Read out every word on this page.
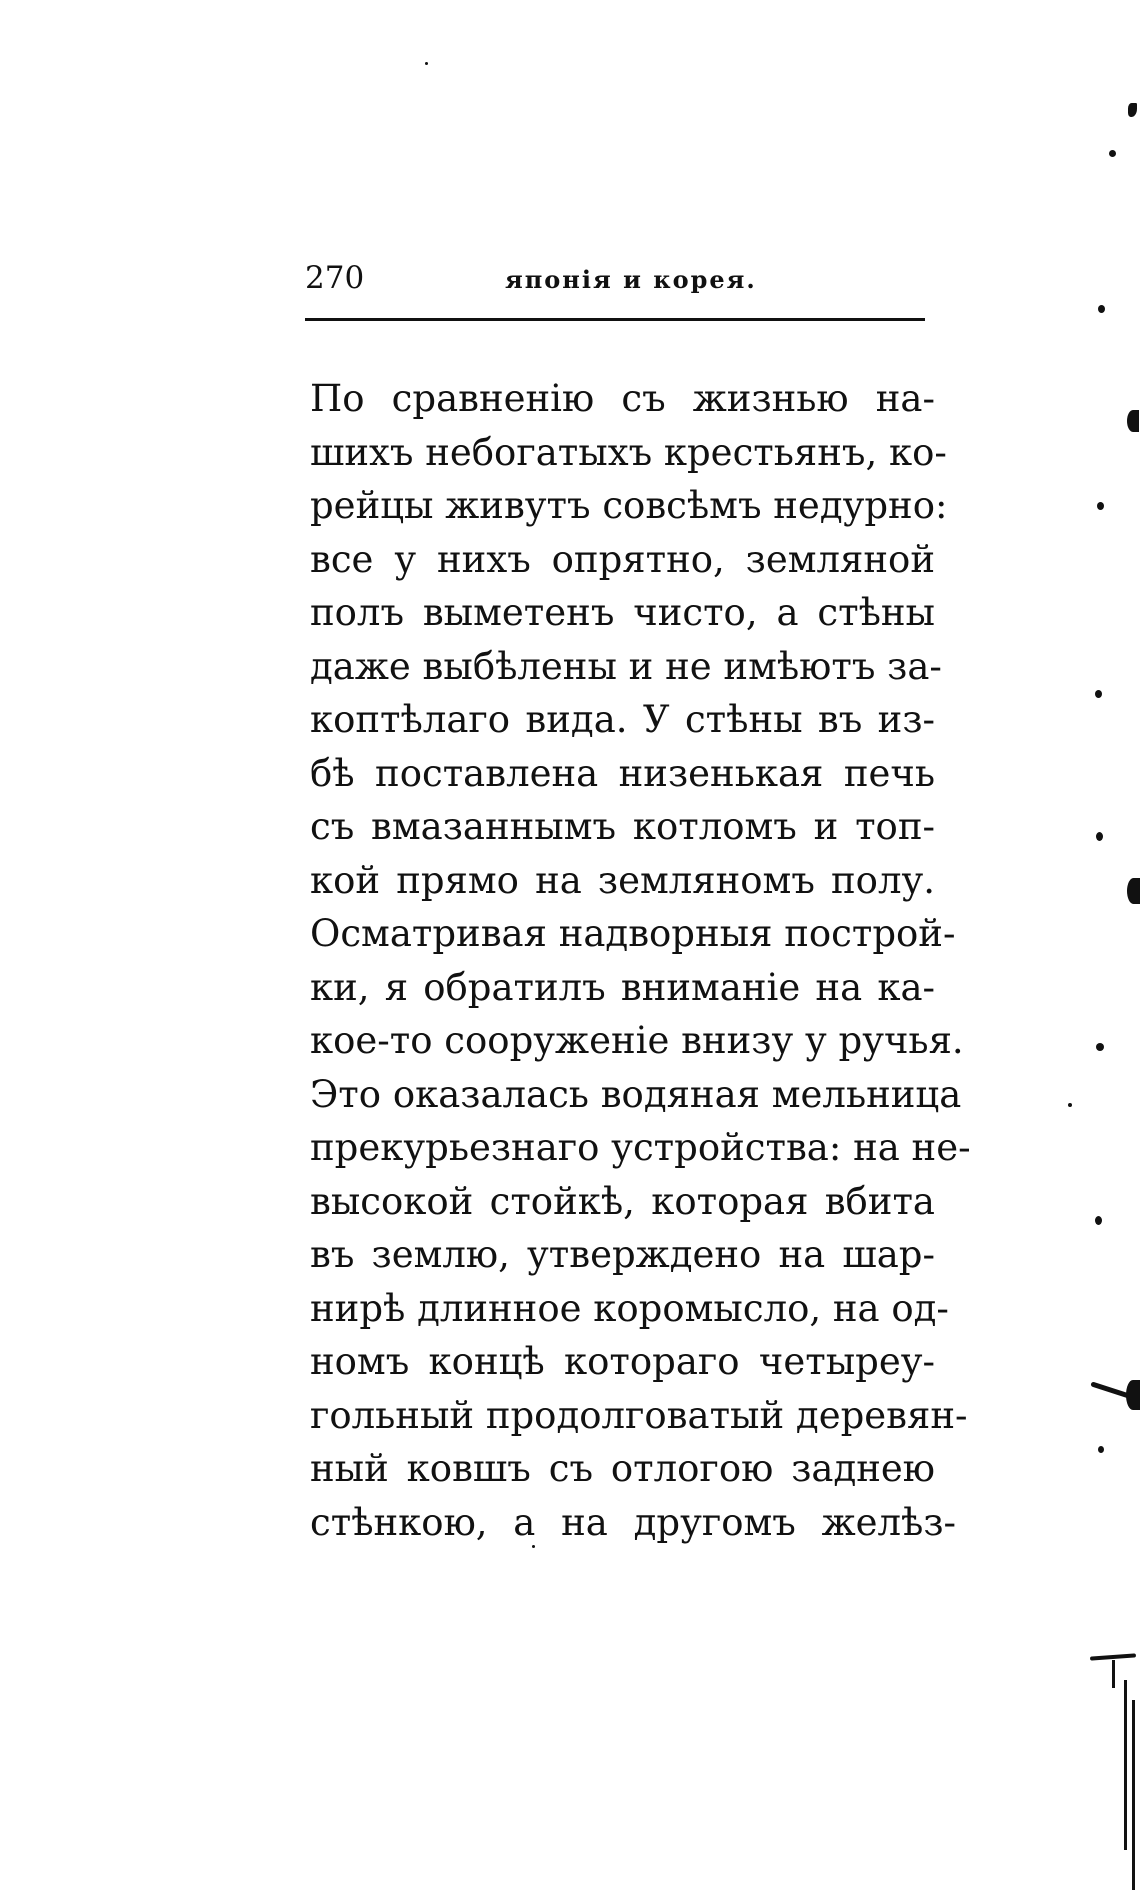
270	японія и корея.
По сравненію съ жизнью на-
шихъ небогатыхъ крестьянъ, ко-
рейцы живутъ совсѣмъ недурно:
все у нихъ опрятно, земляной
полъ выметенъ чисто, а стѣны
даже выбѣлены и не имѣютъ за-
коптѣлаго вида. У стѣны въ из-
бѣ поставлена низенькая печь
съ вмазаннымъ котломъ и топ-
кой прямо на земляномъ полу.
Осматривая надворныя построй-
ки, я обратилъ вниманіе на ка-
кое-то сооруженіе внизу у ручья.
Это оказалась водяная мельница
прекурьезнаго устройства: на не-
высокой стойкѣ, которая вбита
въ землю, утверждено на шар-
нирѣ длинное коромысло, на од-
номъ концѣ котораго четыреу-
гольный продолговатый деревян-
ный ковшъ съ отлогою заднею
стѣнкою, а на другомъ желѣз-
